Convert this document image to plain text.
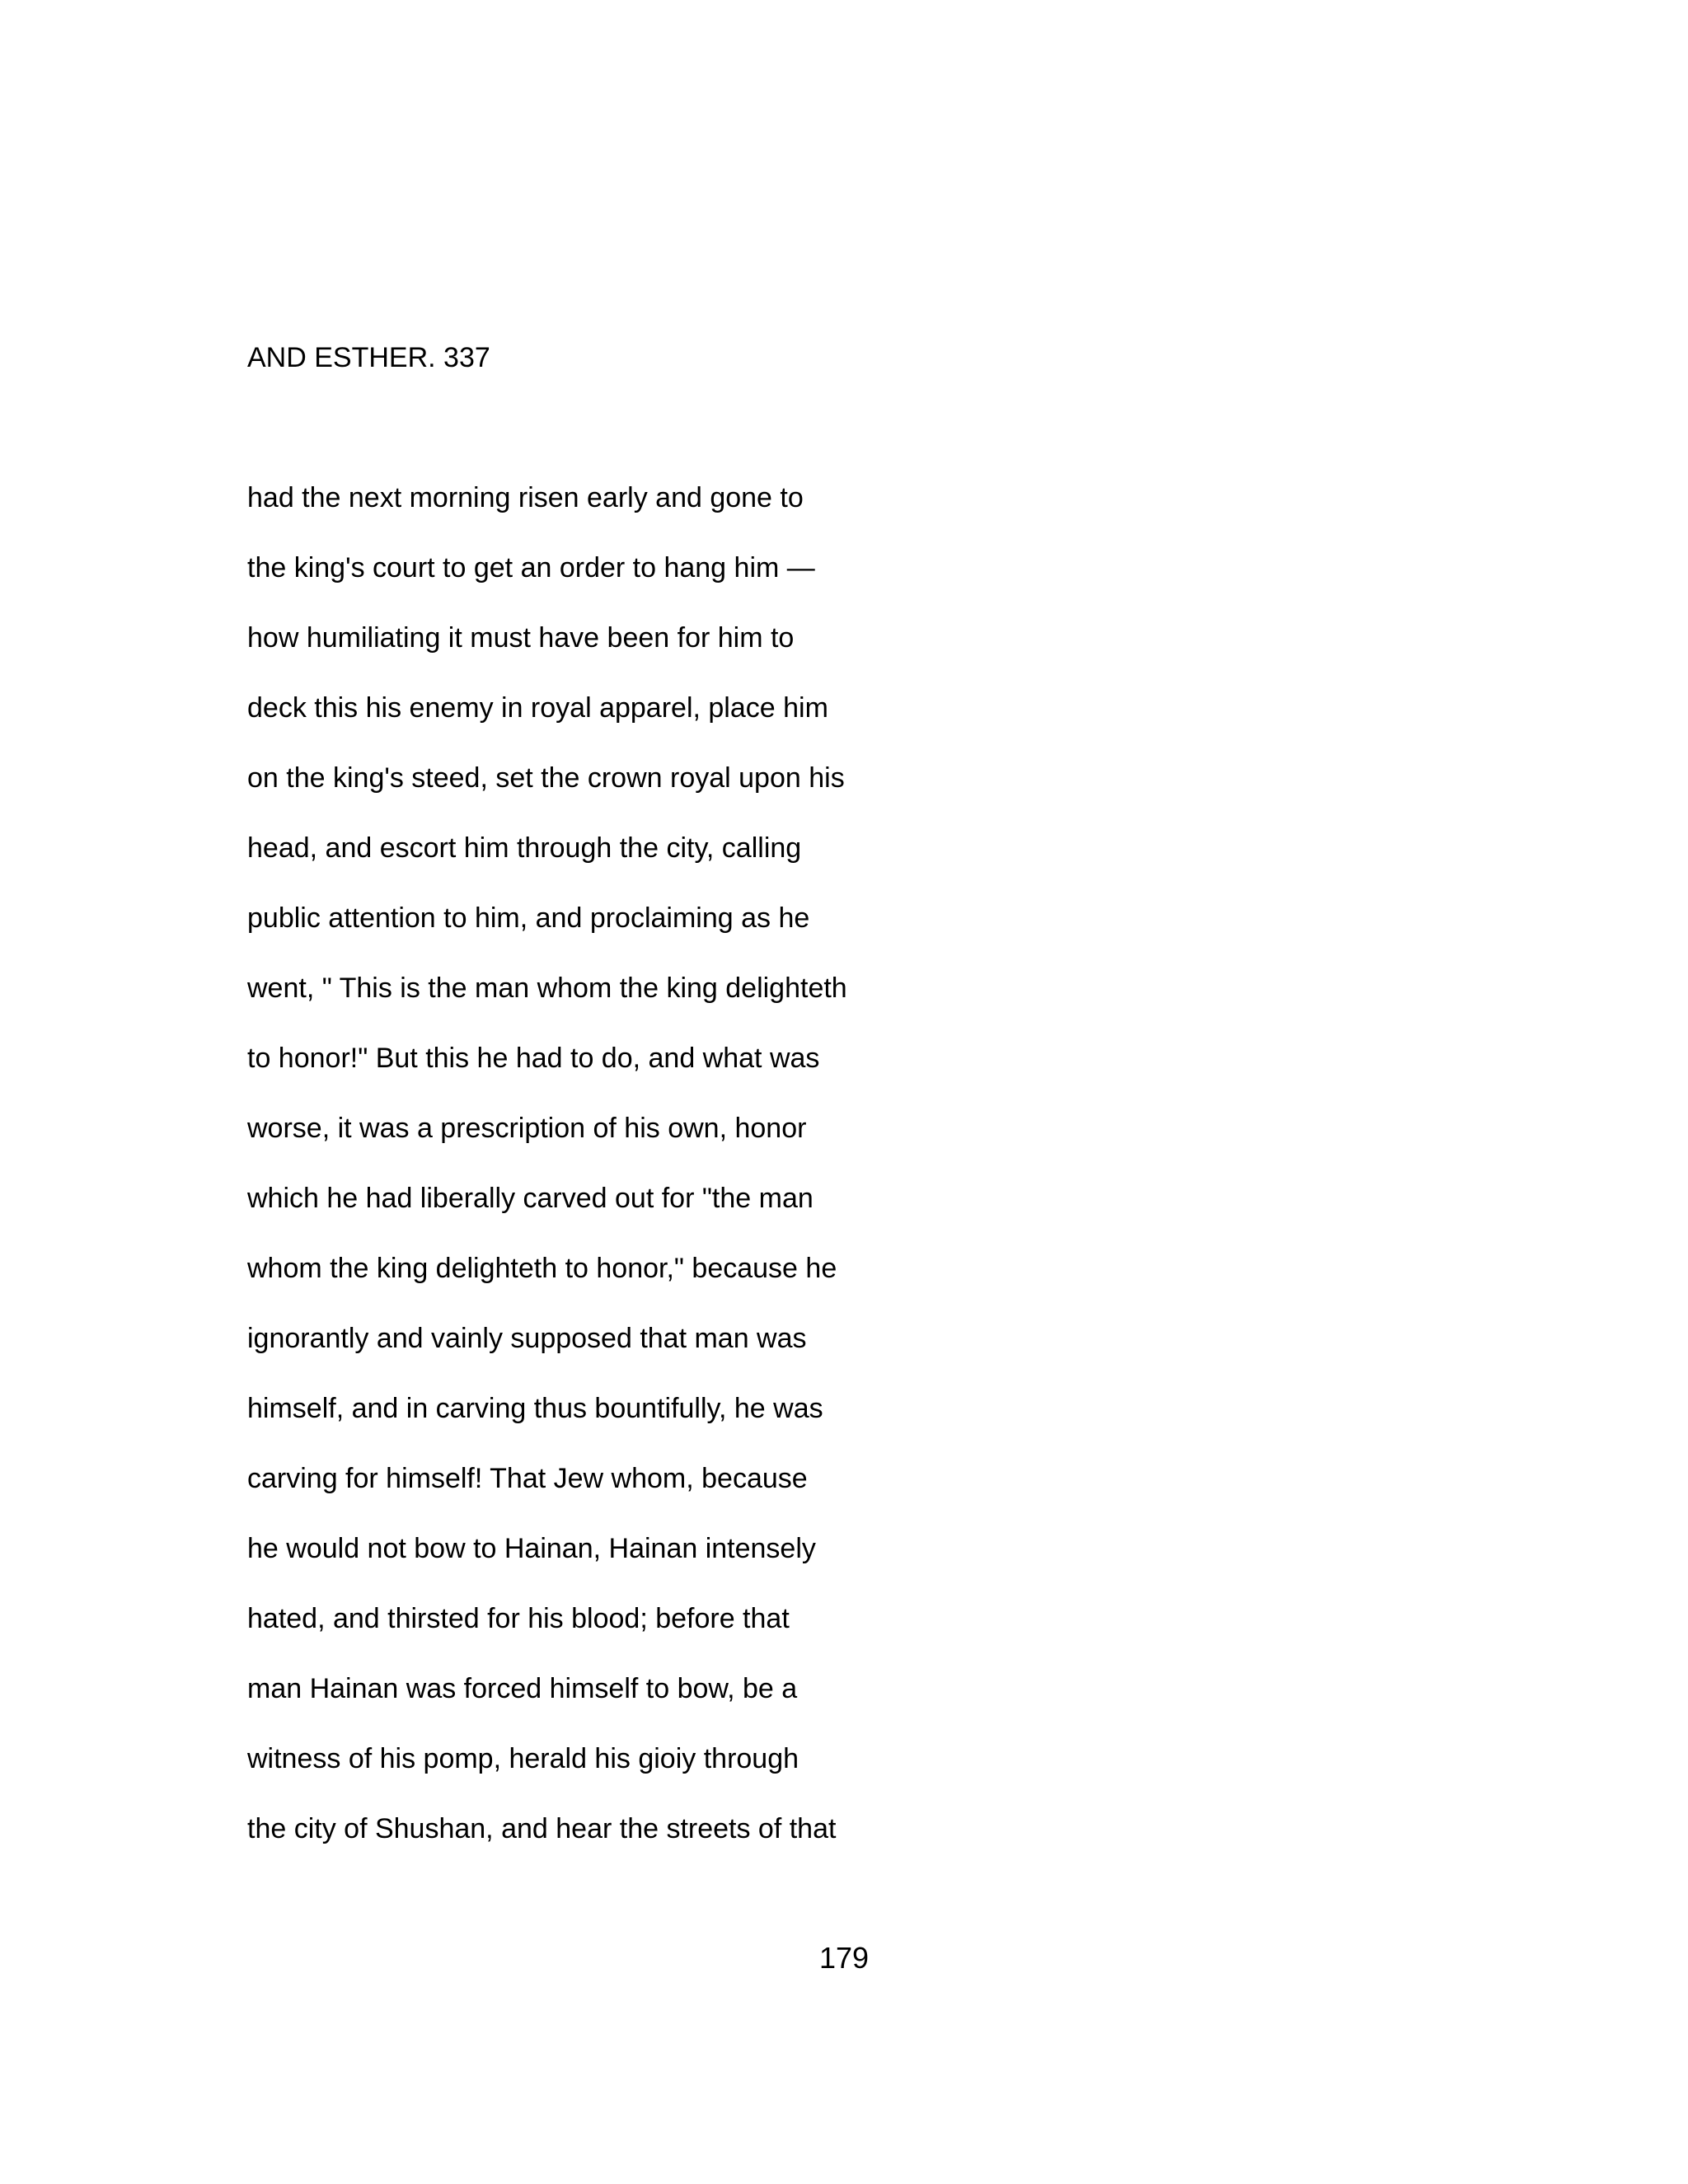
AND ESTHER. 337
had the next morning risen early and gone to
the king's court to get an order to hang him —
how humiliating it must have been for him to
deck this his enemy in royal apparel, place him
on the king's steed, set the crown royal upon his
head, and escort him through the city, calling
public attention to him, and proclaiming as he
went, " This is the man whom the king delighteth
to honor!" But this he had to do, and what was
worse, it was a prescription of his own, honor
which he had liberally carved out for "the man
whom the king delighteth to honor," because he
ignorantly and vainly supposed that man was
himself, and in carving thus bountifully, he was
carving for himself! That Jew whom, because
he would not bow to Hainan, Hainan intensely
hated, and thirsted for his blood; before that
man Hainan was forced himself to bow, be a
witness of his pomp, herald his gioiy through
the city of Shushan, and hear the streets of that
179
